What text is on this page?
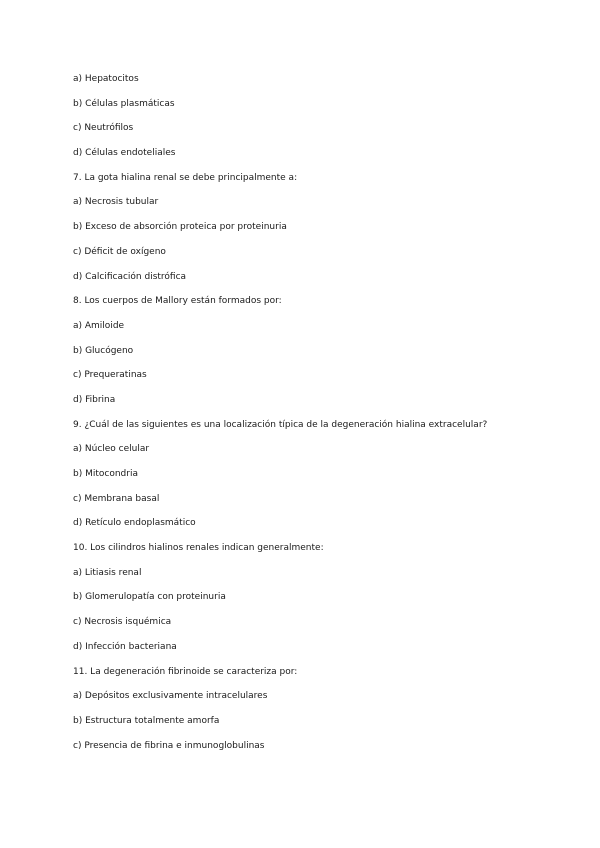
a) Hepatocitos
b) Células plasmáticas
c) Neutrófilos
d) Células endoteliales
7. La gota hialina renal se debe principalmente a:
a) Necrosis tubular
b) Exceso de absorción proteica por proteinuria
c) Déficit de oxígeno
d) Calcificación distrófica
8. Los cuerpos de Mallory están formados por:
a) Amiloide
b) Glucógeno
c) Prequeratinas
d) Fibrina
9. ¿Cuál de las siguientes es una localización típica de la degeneración hialina extracelular?
a) Núcleo celular
b) Mitocondria
c) Membrana basal
d) Retículo endoplasmático
10. Los cilindros hialinos renales indican generalmente:
a) Litiasis renal
b) Glomerulopatía con proteinuria
c) Necrosis isquémica
d) Infección bacteriana
11. La degeneración fibrinoide se caracteriza por:
a) Depósitos exclusivamente intracelulares
b) Estructura totalmente amorfa
c) Presencia de fibrina e inmunoglobulinas
